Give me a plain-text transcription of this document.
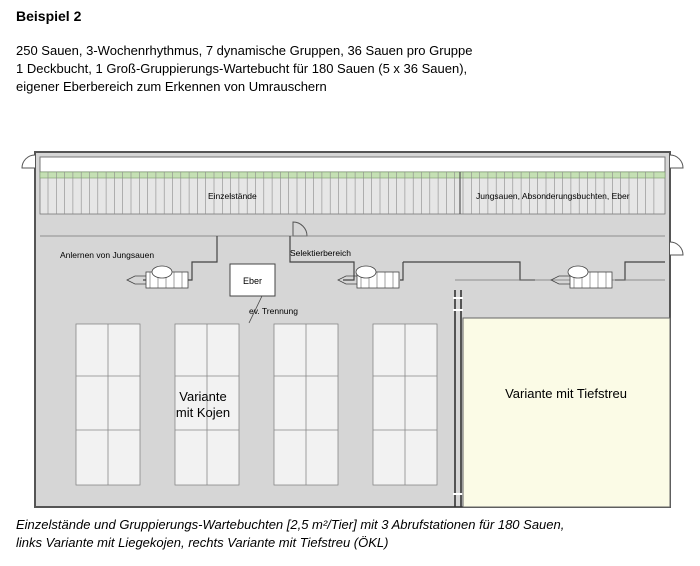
Beispiel 2
250 Sauen, 3-Wochenrhythmus, 7 dynamische Gruppen, 36 Sauen pro Gruppe
1 Deckbucht, 1 Groß-Gruppierungs-Wartebucht für 180 Sauen (5 x 36 Sauen),
eigener Eberbereich zum Erkennen von Umrauschern
Einzelstände	Jungsauen, Absonderungsbuchten, Eber
Anlernen von Jungsauen	Selektierbereich
Eber
ev. Trennung
Variante
mit Kojen
Variante mit Tiefstreu
Einzelstände und Gruppierungs-Wartebuchten [2,5 m²/Tier] mit 3 Abrufstationen für 180 Sauen,
links Variante mit Liegekojen, rechts Variante mit Tiefstreu (ÖKL)
